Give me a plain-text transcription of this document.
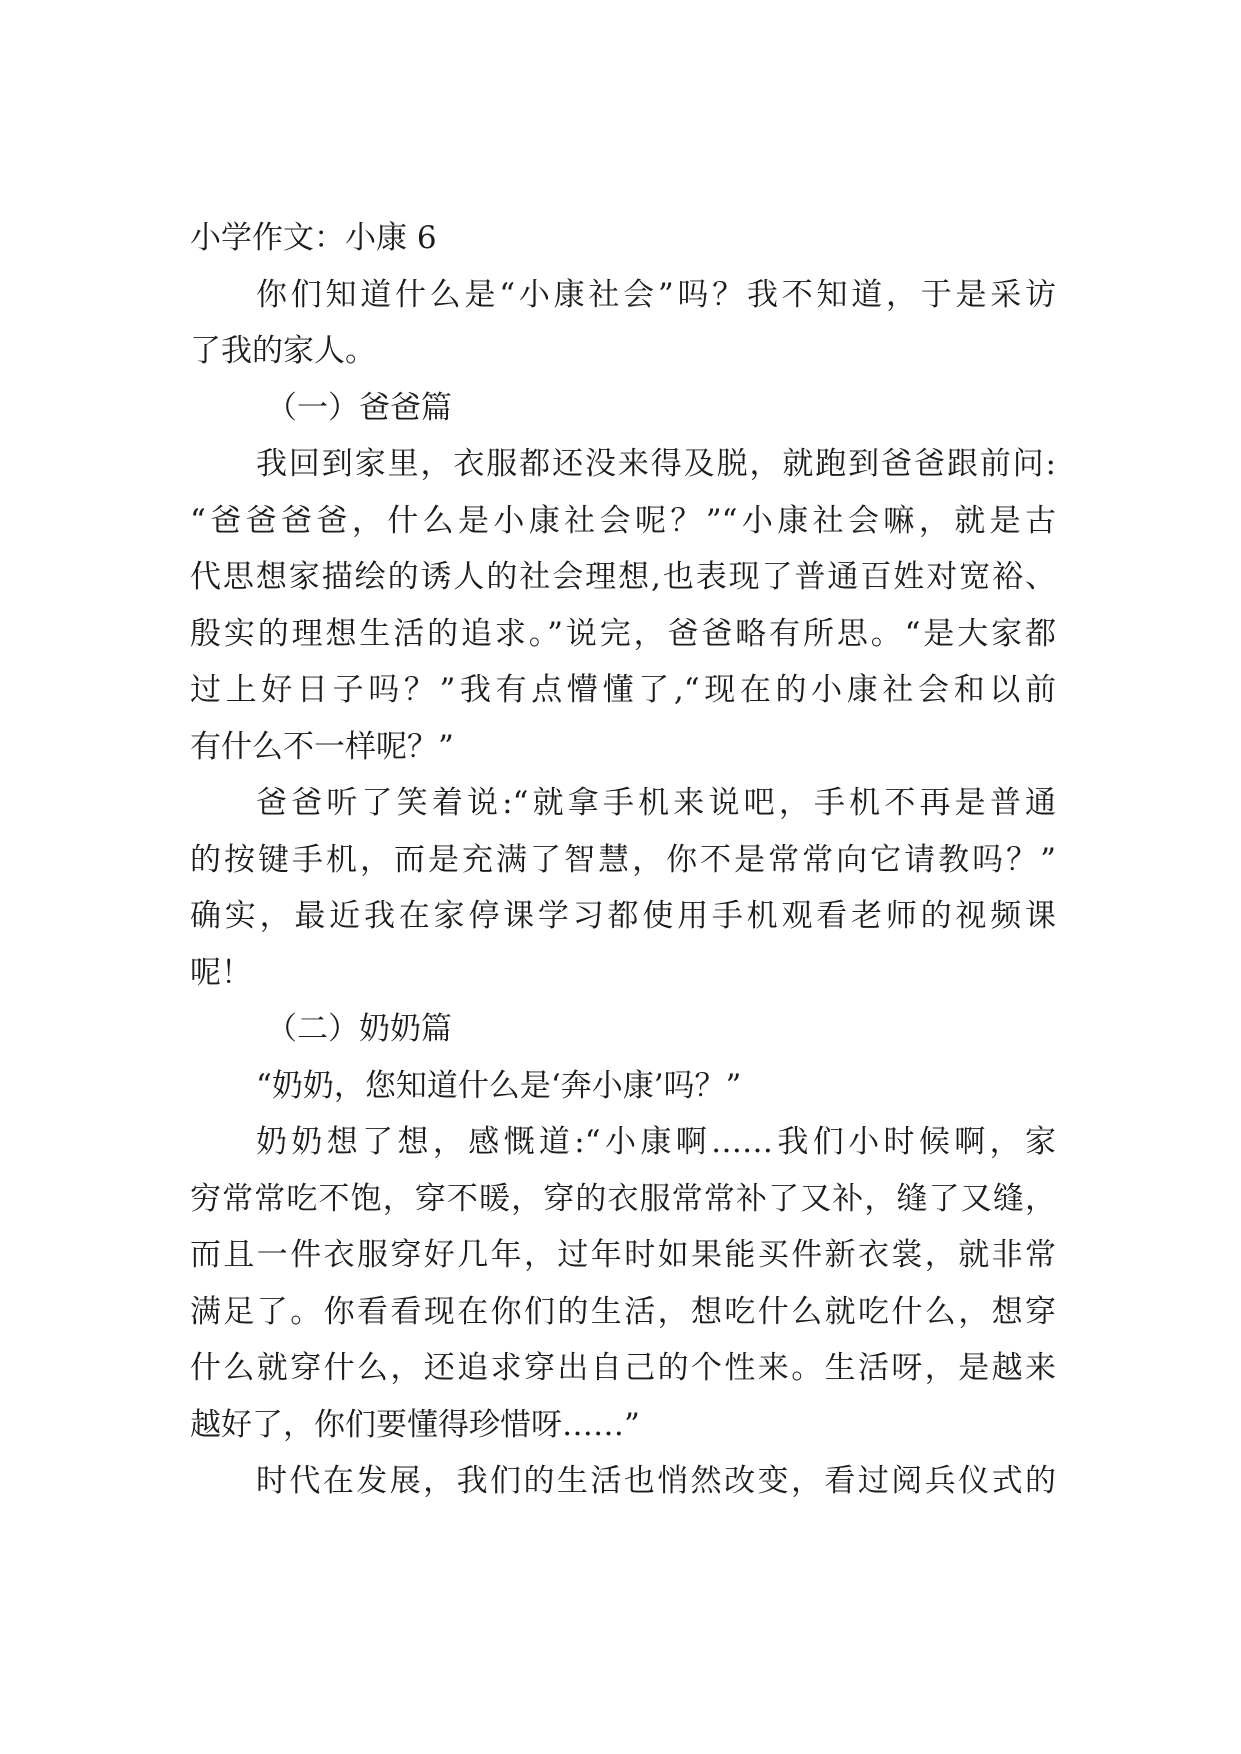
小学作文：小康 6
你们知道什么是“小康社会”吗？我不知道，于是采访
了我的家人。
（一）爸爸篇
我回到家里，衣服都还没来得及脱，就跑到爸爸跟前问:
“爸爸爸爸，什么是小康社会呢？”“小康社会嘛，就是古
代思想家描绘的诱人的社会理想,也表现了普通百姓对宽裕、
殷实的理想生活的追求。”说完，爸爸略有所思。“是大家都
过上好日子吗？”我有点懵懂了,“现在的小康社会和以前
有什么不一样呢？”
爸爸听了笑着说:“就拿手机来说吧，手机不再是普通
的按键手机，而是充满了智慧，你不是常常向它请教吗？”
确实，最近我在家停课学习都使用手机观看老师的视频课
呢！
（二）奶奶篇
“奶奶，您知道什么是‘奔小康’吗？”
奶奶想了想，感慨道:“小康啊……我们小时候啊，家
穷常常吃不饱，穿不暖，穿的衣服常常补了又补，缝了又缝，
而且一件衣服穿好几年，过年时如果能买件新衣裳，就非常
满足了。你看看现在你们的生活，想吃什么就吃什么，想穿
什么就穿什么，还追求穿出自己的个性来。生活呀，是越来
越好了，你们要懂得珍惜呀……”
时代在发展，我们的生活也悄然改变，看过阅兵仪式的
